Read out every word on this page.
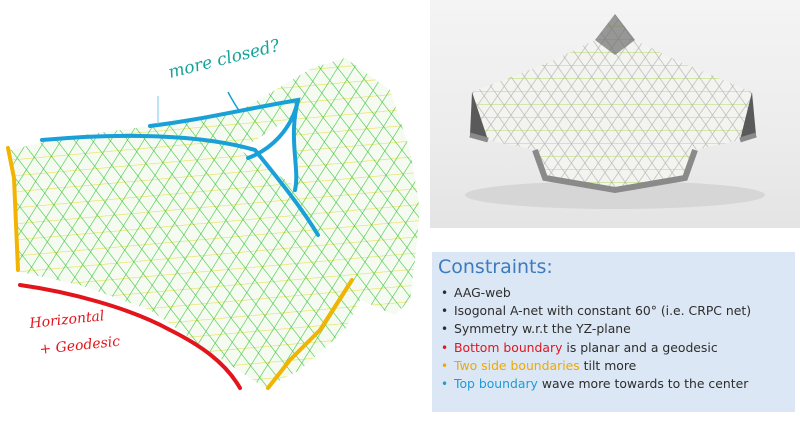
more closed?
Horizontal
+ Geodesic
Constraints:
• AAG-web
• Isogonal A-net with constant 60° (i.e. CRPC net)
• Symmetry w.r.t the YZ-plane
• Bottom boundary is planar and a geodesic
• Two side boundaries tilt more
• Top boundary wave more towards to the center
